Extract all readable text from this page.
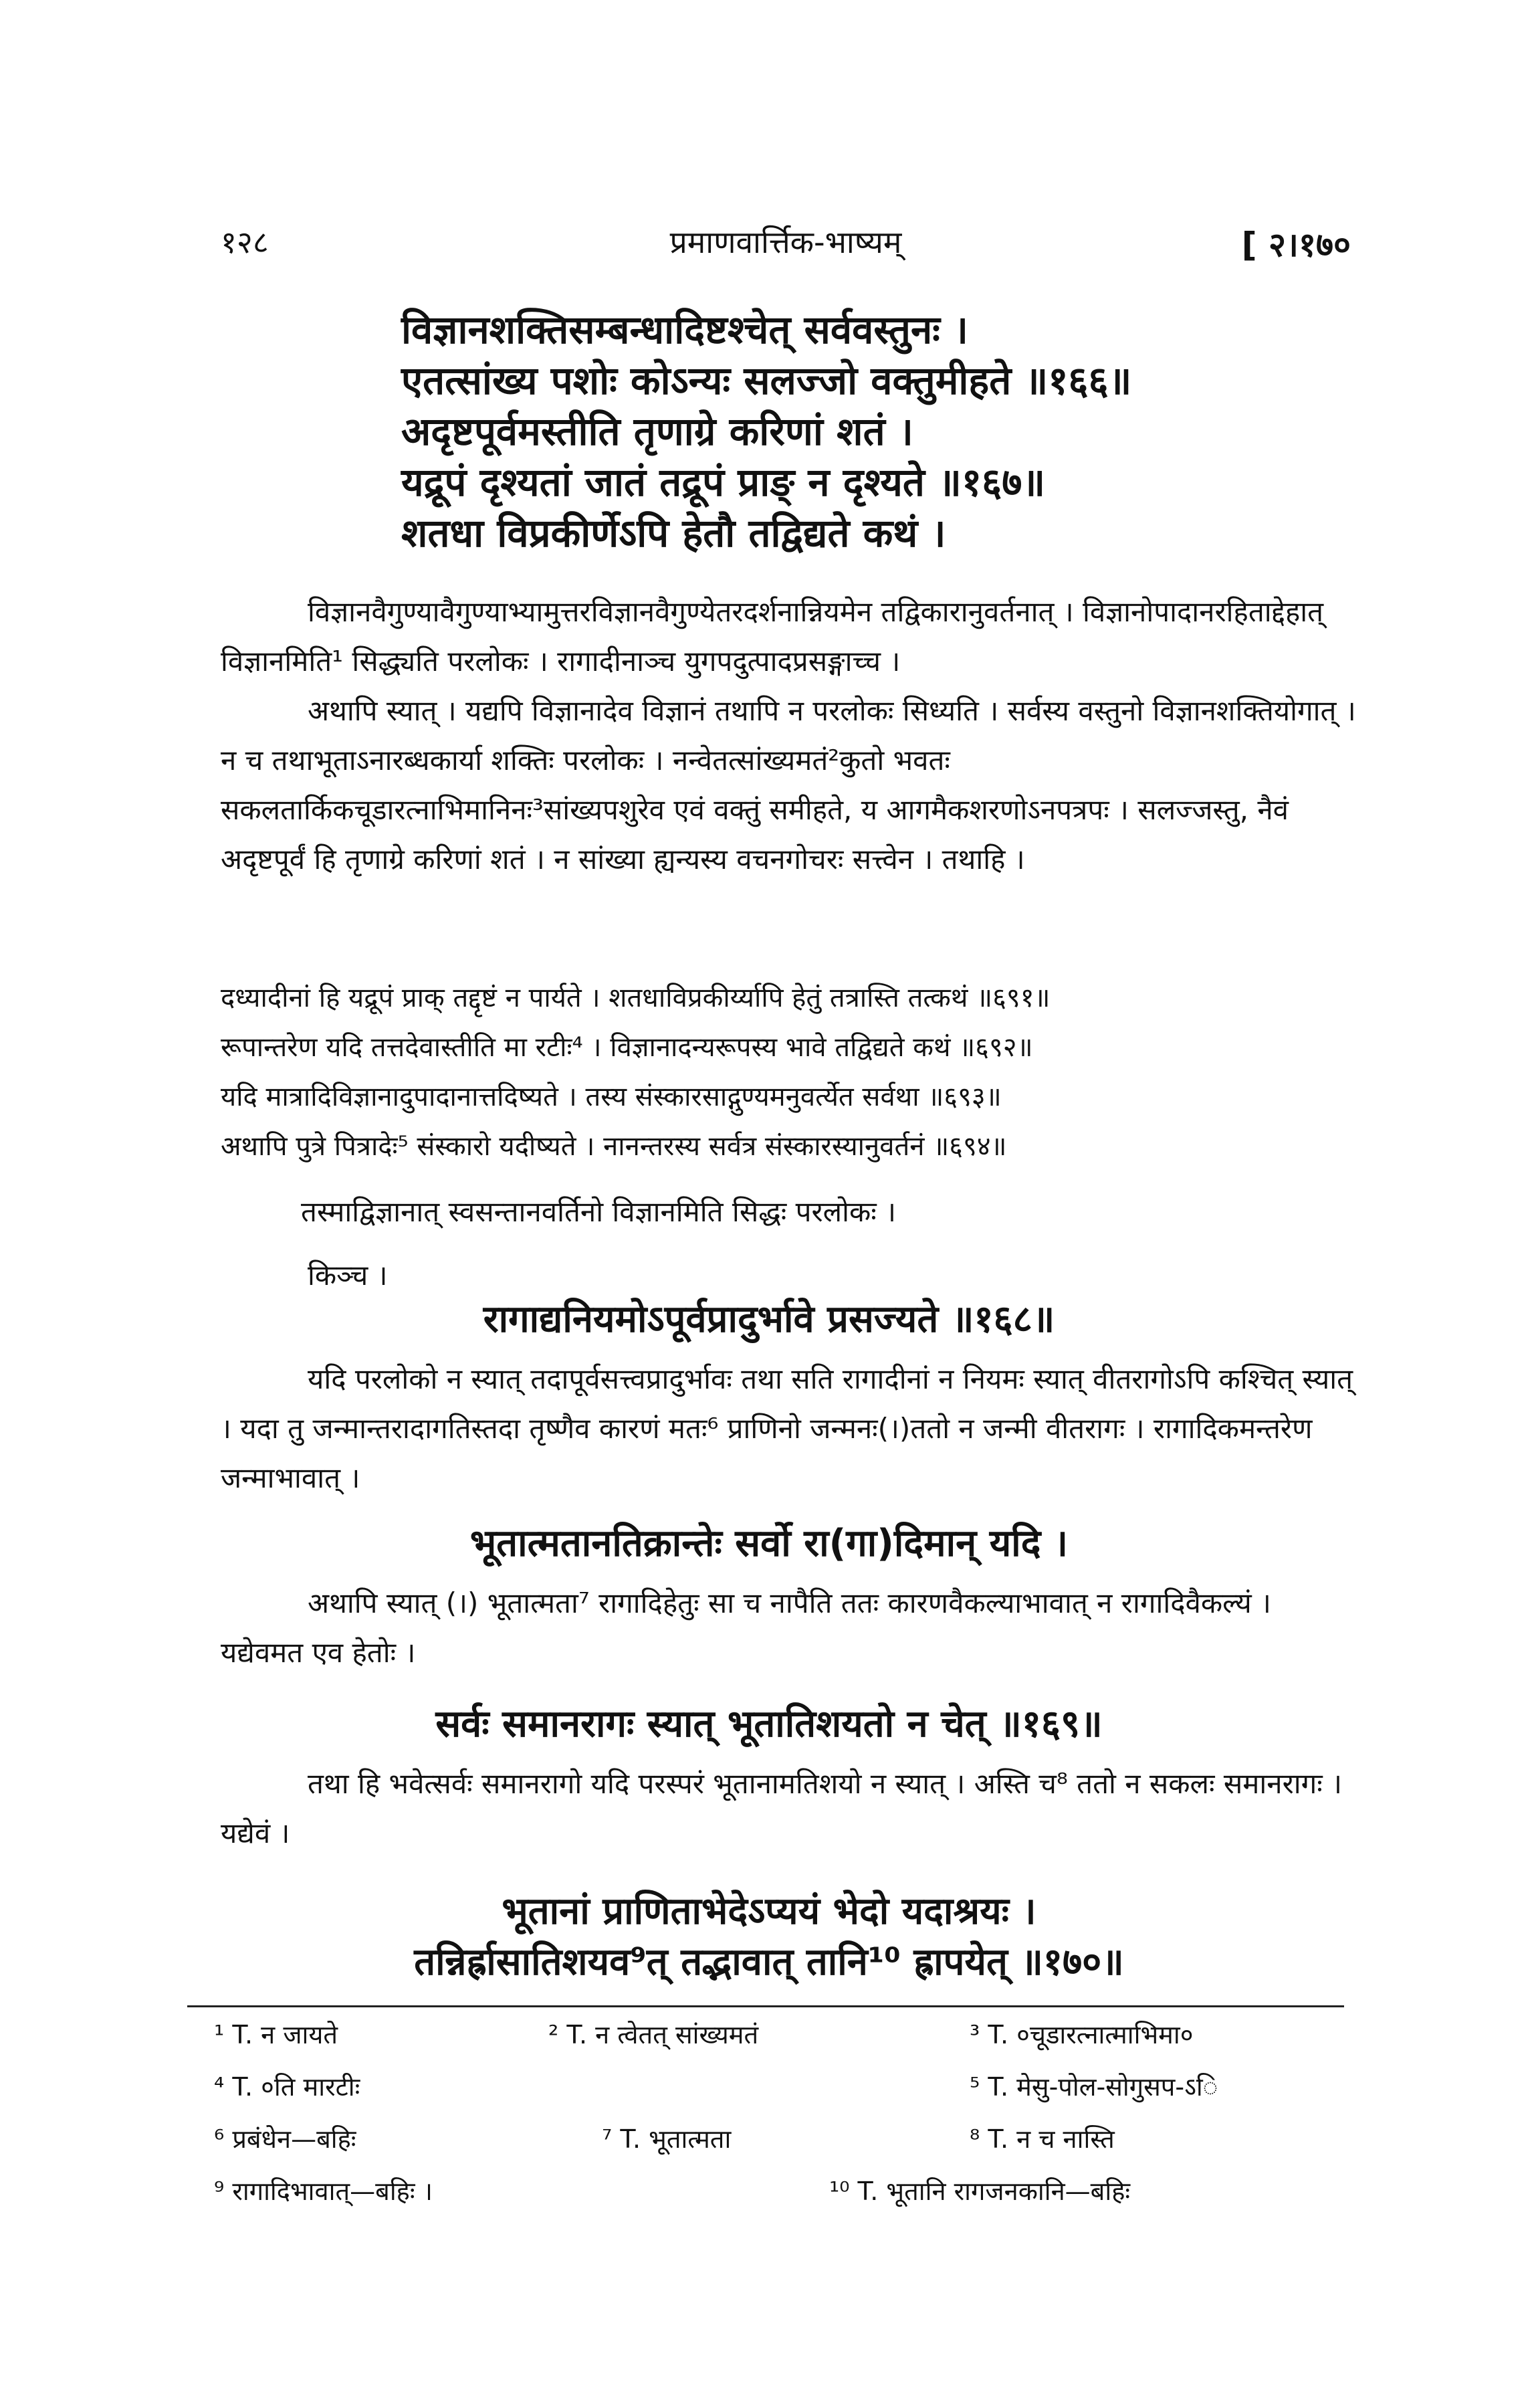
१२८	प्रमाणवार्त्तिक-भाष्यम्	[ २।१७०
विज्ञानशक्तिसम्बन्धादिष्टश्चेत् सर्ववस्तुनः ।
एतत्सांख्य पशोः कोऽन्यः सलज्जो वक्तुमीहते ॥१६६॥
अदृष्टपूर्वमस्तीति तृणाग्रे करिणां शतं ।
यद्रूपं दृश्यतां जातं तद्रूपं प्राङ् न दृश्यते ॥१६७॥
शतधा विप्रकीर्णेऽपि हेतौ तद्विद्यते कथं ।

विज्ञानवैगुण्यावैगुण्याभ्यामुत्तरविज्ञानवैगुण्येतरदर्शनान्नियमेन तद्विकारानुवर्तनात् । विज्ञानोपादानरहिताद्देहात् विज्ञानमिति¹ सिद्ध्यति परलोकः । रागादीनाञ्च युगपदुत्पादप्रसङ्गाच्च ।

अथापि स्यात् । यद्यपि विज्ञानादेव विज्ञानं तथापि न परलोकः सिध्यति । सर्वस्य वस्तुनो विज्ञानशक्तियोगात् । न च तथाभूताऽनारब्धकार्या शक्तिः परलोकः । नन्वेतत्सांख्यमतं²कुतो भवतः सकलतार्किकचूडारत्नाभिमानिनः³सांख्यपशुरेव एवं वक्तुं समीहते, य आगमैकशरणोऽनपत्रपः । सलज्जस्तु, नैवं अदृष्टपूर्वं हि तृणाग्रे करिणां शतं । न सांख्या ह्यन्यस्य वचनगोचरः सत्त्वेन । तथाहि ।

दध्यादीनां हि यद्रूपं प्राक् तद्दृष्टं न पार्यते । शतधाविप्रकीर्य्यापि हेतुं तत्रास्ति तत्कथं ॥६९१॥
रूपान्तरेण यदि तत्तदेवास्तीति मा रटीः⁴ । विज्ञानादन्यरूपस्य भावे तद्विद्यते कथं ॥६९२॥
यदि मात्रादिविज्ञानादुपादानात्तदिष्यते । तस्य संस्कारसाद्गुण्यमनुवर्त्येत सर्वथा ॥६९३॥
अथापि पुत्रे पित्रादेः⁵ संस्कारो यदीष्यते । नानन्तरस्य सर्वत्र संस्कारस्यानुवर्तनं ॥६९४॥

तस्माद्विज्ञानात् स्वसन्तानवर्तिनो विज्ञानमिति सिद्धः परलोकः ।

किञ्च ।

रागाद्यनियमोऽपूर्वप्रादुर्भावे प्रसज्यते ॥१६८॥

यदि परलोको न स्यात् तदापूर्वसत्त्वप्रादुर्भावः तथा सति रागादीनां न नियमः स्यात् वीतरागोऽपि कश्चित् स्यात् । यदा तु जन्मान्तरादागतिस्तदा तृष्णैव कारणं मतः⁶ प्राणिनो जन्मनः(।)ततो न जन्मी वीतरागः । रागादिकमन्तरेण जन्माभावात् ।

भूतात्मतानतिक्रान्तेः सर्वो रा(गा)दिमान् यदि ।

अथापि स्यात् (।) भूतात्मता⁷ रागादिहेतुः सा च नापैति ततः कारणवैकल्याभावात् न रागादिवैकल्यं । यद्येवमत एव हेतोः ।

सर्वः समानरागः स्यात् भूतातिशयतो न चेत् ॥१६९॥

तथा हि भवेत्सर्वः समानरागो यदि परस्परं भूतानामतिशयो न स्यात् । अस्ति च⁸ ततो न सकलः समानरागः । यद्येवं ।

भूतानां प्राणिताभेदेऽप्ययं भेदो यदाश्रयः ।
तन्निर्ह्रासातिशयव⁹त् तद्भावात् तानि¹⁰ ह्रापयेत् ॥१७०॥
¹ T. न जायते	² T. न त्वेतत् सांख्यमतं	³ T. ०चूडारत्नात्माभिमा०
⁴ T. ०ति मारटीः	⁵ T. मेसु-पोल-सोगुसप-ऽि
⁶ प्रबंधेन—बहिः	⁷ T. भूतात्मता	⁸ T. न च नास्ति
⁹ रागादिभावात्—बहिः ।	¹⁰ T. भूतानि रागजनकानि—बहिः
